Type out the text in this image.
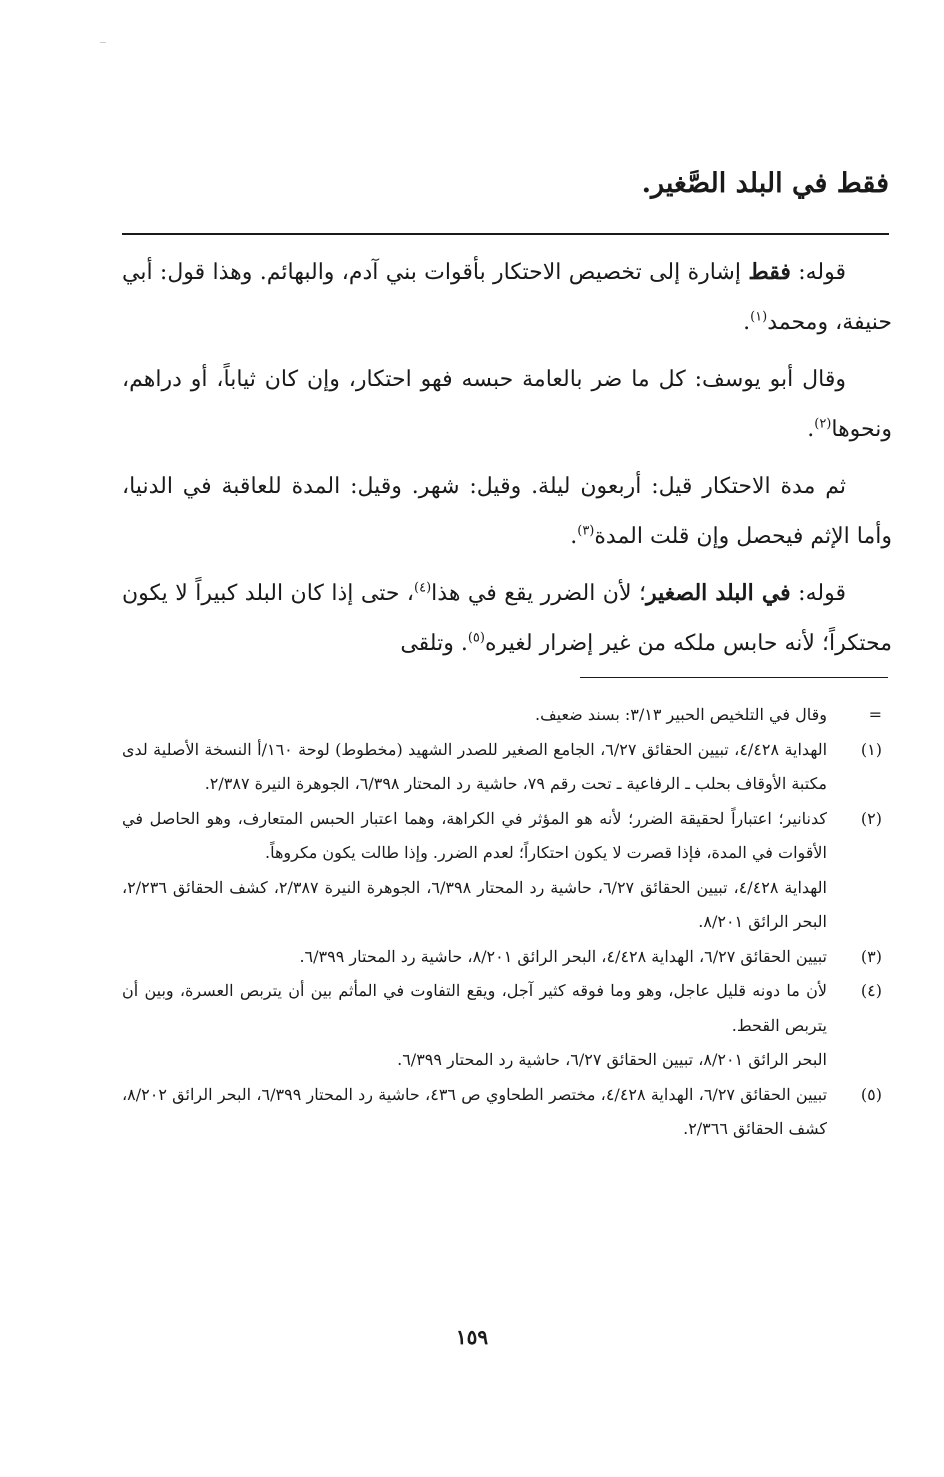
فقط في البلد الصَّغير.

قوله: فقط إشارة إلى تخصيص الاحتكار بأقوات بني آدم، والبهائم. وهذا قول: أبي حنيفة، ومحمد$^{(١)}$.

وقال أبو يوسف: كل ما ضر بالعامة حبسه فهو احتكار، وإن كان ثياباً، أو دراهم، ونحوها$^{(٢)}$.

ثم مدة الاحتكار قيل: أربعون ليلة. وقيل: شهر. وقيل: المدة للعاقبة في الدنيا، وأما الإثم فيحصل وإن قلت المدة$^{(٣)}$.

قوله: في البلد الصغير؛ لأن الضرر يقع في هذا$^{(٤)}$، حتى إذا كان البلد كبيراً لا يكون محتكراً؛ لأنه حابس ملكه من غير إضرار لغيره$^{(٥)}$. وتلقى

=
وقال في التلخيص الحبير ٣/١٣: بسند ضعيف.
(١)
الهداية ٤/٤٢٨، تبيين الحقائق ٦/٢٧، الجامع الصغير للصدر الشهيد (مخطوط) لوحة ١٦٠/أ النسخة الأصلية لدى مكتبة الأوقاف بحلب ـ الرفاعية ـ تحت رقم ٧٩، حاشية رد المحتار ٦/٣٩٨، الجوهرة النيرة ٢/٣٨٧.
(٢)
كدنانير؛ اعتباراً لحقيقة الضرر؛ لأنه هو المؤثر في الكراهة، وهما اعتبار الحبس المتعارف، وهو الحاصل في الأقوات في المدة، فإذا قصرت لا يكون احتكاراً؛ لعدم الضرر. وإذا طالت يكون مكروهاً.
الهداية ٤/٤٢٨، تبيين الحقائق ٦/٢٧، حاشية رد المحتار ٦/٣٩٨، الجوهرة النيرة ٢/٣٨٧، كشف الحقائق ٢/٢٣٦، البحر الرائق ٨/٢٠١.
(٣)
تبيين الحقائق ٦/٢٧، الهداية ٤/٤٢٨، البحر الرائق ٨/٢٠١، حاشية رد المحتار ٦/٣٩٩.
(٤)
لأن ما دونه قليل عاجل، وهو وما فوقه كثير آجل، ويقع التفاوت في المأثم بين أن يتربص العسرة، وبين أن يتربص القحط.
البحر الرائق ٨/٢٠١، تبيين الحقائق ٦/٢٧، حاشية رد المحتار ٦/٣٩٩.
(٥)
تبيين الحقائق ٦/٢٧، الهداية ٤/٤٢٨، مختصر الطحاوي ص ٤٣٦، حاشية رد المحتار ٦/٣٩٩، البحر الرائق ٨/٢٠٢، كشف الحقائق ٢/٣٦٦.
١٥٩
